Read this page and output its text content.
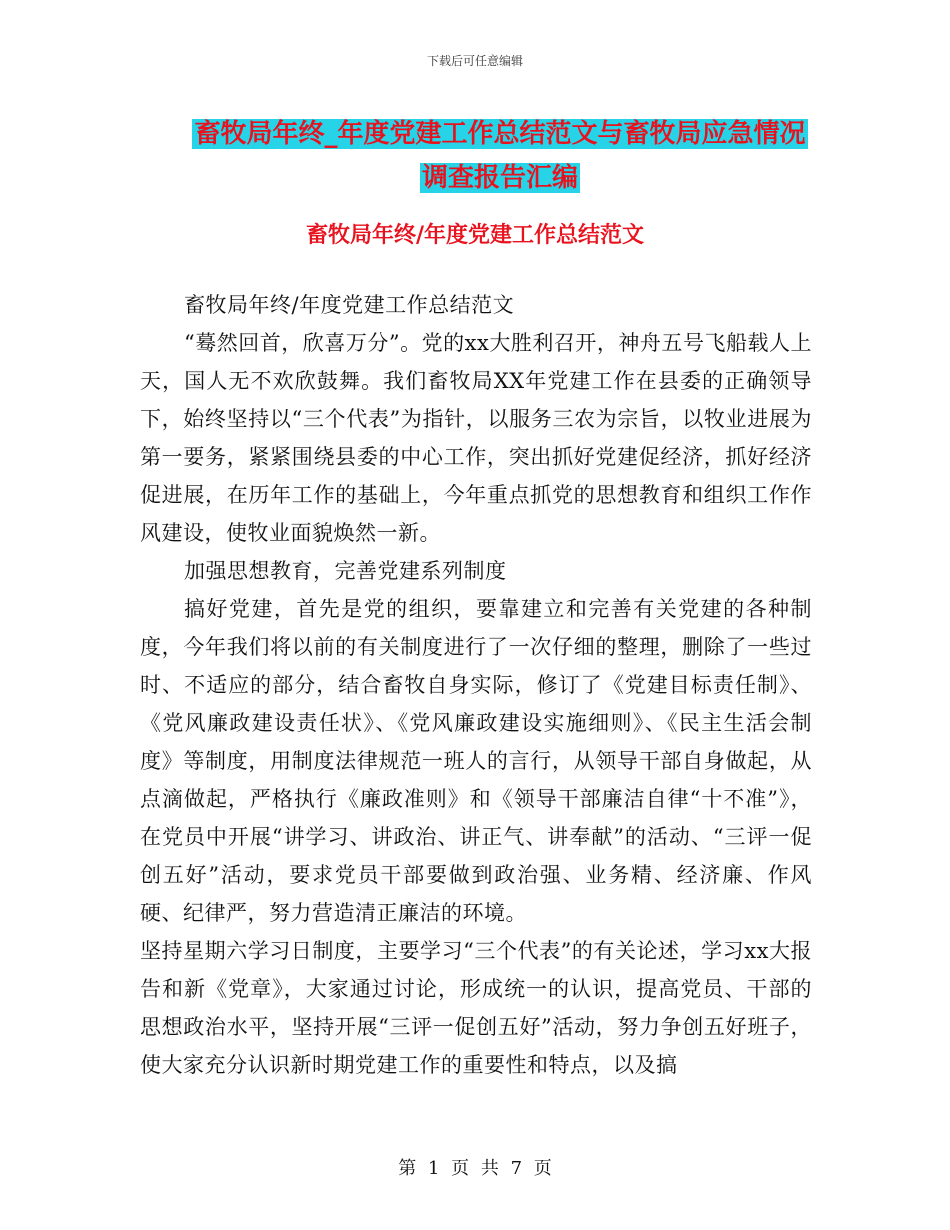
下载后可任意编辑
畜牧局年终_年度党建工作总结范文与畜牧局应急情况
调查报告汇编
畜牧局年终/年度党建工作总结范文

畜牧局年终/年度党建工作总结范文

“蓦然回首，欣喜万分”。党的xx大胜利召开，神舟五号飞船载人上天，国人无不欢欣鼓舞。我们畜牧局XX年党建工作在县委的正确领导下，始终坚持以“三个代表”为指针，以服务三农为宗旨，以牧业进展为第一要务，紧紧围绕县委的中心工作，突出抓好党建促经济，抓好经济促进展，在历年工作的基础上，今年重点抓党的思想教育和组织工作作风建设，使牧业面貌焕然一新。

加强思想教育，完善党建系列制度

搞好党建，首先是党的组织，要靠建立和完善有关党建的各种制度，今年我们将以前的有关制度进行了一次仔细的整理，删除了一些过时、不适应的部分，结合畜牧自身实际，修订了《党建目标责任制》、《党风廉政建设责任状》、《党风廉政建设实施细则》、《民主生活会制度》等制度，用制度法律规范一班人的言行，从领导干部自身做起，从点滴做起，严格执行《廉政准则》和《领导干部廉洁自律“十不准”》，在党员中开展“讲学习、讲政治、讲正气、讲奉献”的活动、“三评一促创五好”活动，要求党员干部要做到政治强、业务精、经济廉、作风硬、纪律严，努力营造清正廉洁的环境。

坚持星期六学习日制度，主要学习“三个代表”的有关论述，学习xx大报告和新《党章》，大家通过讨论，形成统一的认识，提高党员、干部的思想政治水平，坚持开展“三评一促创五好”活动，努力争创五好班子，使大家充分认识新时期党建工作的重要性和特点，以及搞

第 1 页 共 7 页
